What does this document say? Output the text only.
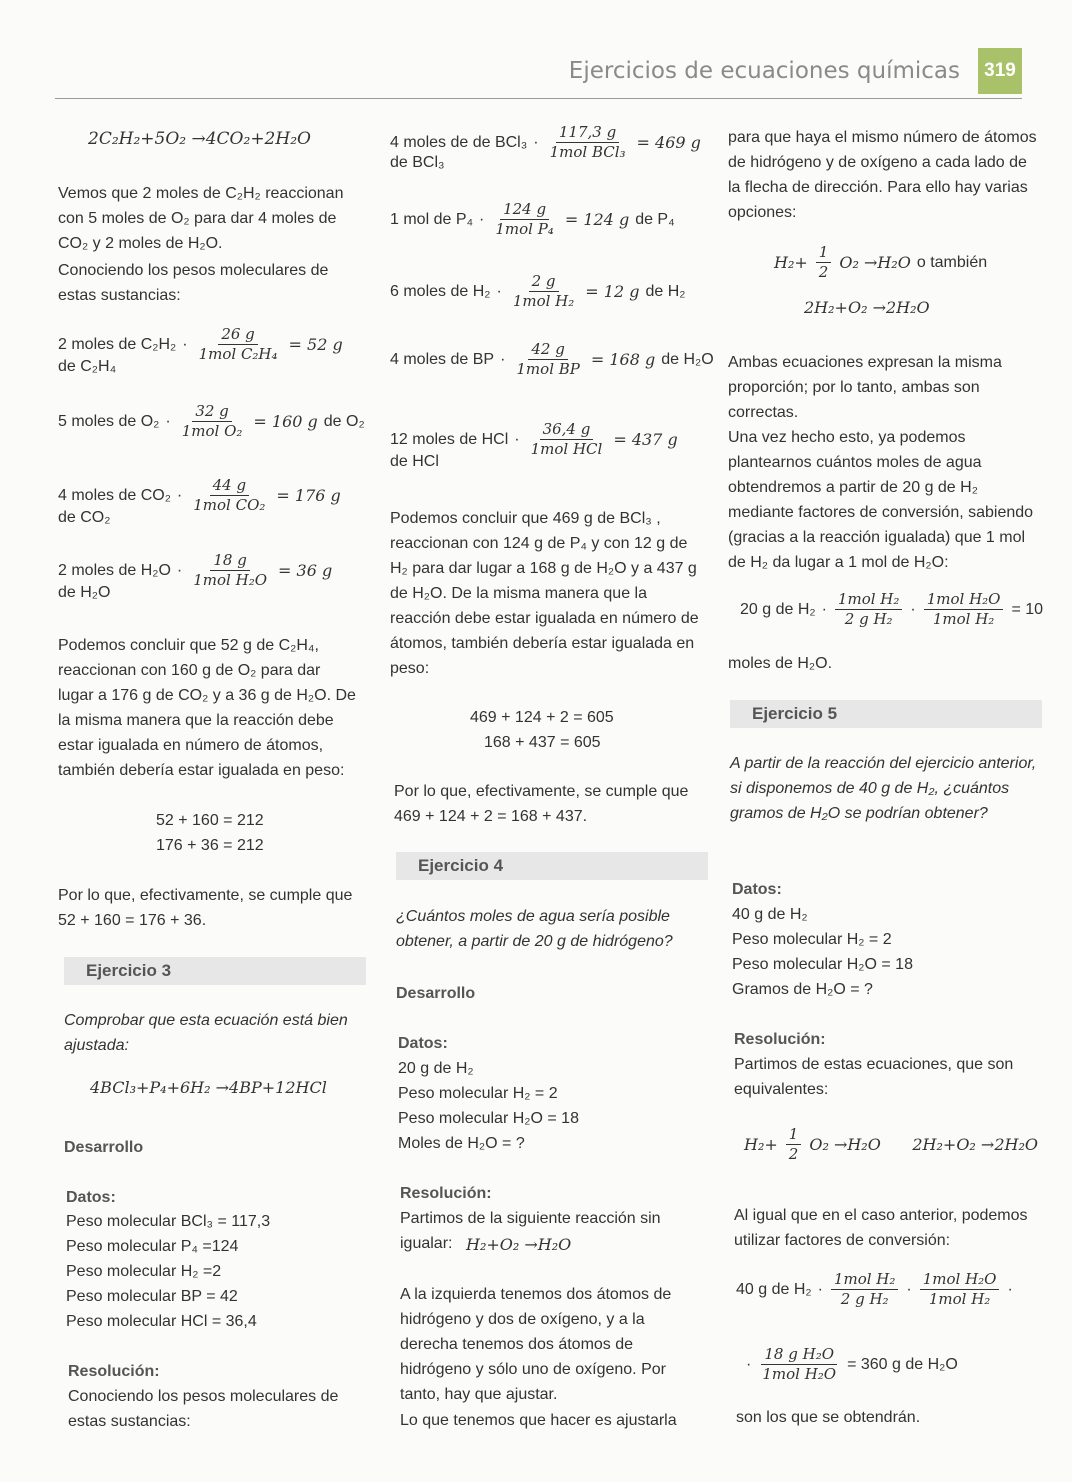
Ejercicios de ecuaciones químicas	319
2C₂H₂+5O₂ →4CO₂+2H₂O

Vemos que 2 moles de C₂H₂ reaccionan con 5 moles de O₂ para dar 4 moles de CO₂ y 2 moles de H₂O.

Conociendo los pesos moleculares de estas sustancias:

2 moles de $C_2H_2 \cdot \frac{26 g}{\text{1mol C₂H₄}} = 52$ g
de C₂H₄
5 moles de $O_2 \cdot \frac{32 g}{\text{1mol O₂}} = 160$ g de O₂
4 moles de $CO_2 \cdot \frac{44 g}{\text{1mol CO₂}} = 176$ g
de CO₂
2 moles de $H_2O \cdot \frac{18 g}{\text{1mol H₂O}} = 36$ g
de H₂O

Podemos concluir que 52 g de C₂H₄, reaccionan con 160 g de O₂ para dar lugar a 176 g de CO₂ y a 36 g de H₂O. De la misma manera que la reacción debe estar igualada en número de átomos, también debería estar igualada en peso:

52 + 160 = 212
176 + 36 = 212

Por lo que, efectivamente, se cumple que 52 + 160 = 176 + 36.

Ejercicio 3

Comprobar que esta ecuación está bien ajustada:

4BCl₃+P₄+6H₂ →4BP+12HCl
Desarrollo
Datos:
Peso molecular BCl₃ = 117,3
Peso molecular P₄ =124
Peso molecular H₂ =2
Peso molecular BP = 42
Peso molecular HCl = 36,4
Resolución:

Conociendo los pesos moleculares de estas sustancias:

4 moles de de $BCl_3 \cdot \frac{117,3 g}{\text{1mol BCl₃}} = 469$ g
de BCl₃
1 mol de $P_4 \cdot \frac{124 g}{\text{1mol P₄}} = 124$ g de P₄
6 moles de $H_2 \cdot \frac{2 g}{\text{1mol H₂}} = 12$ g de H₂
4 moles de BP · $\frac{42 g}{\text{1mol BP}} = 168$ g de H₂O
12 moles de HCl · $\frac{36,4 g}{\text{1mol HCl}} = 437$ g
de HCl

Podemos concluir que 469 g de BCl₃ , reaccionan con 124 g de P₄ y con 12 g de H₂ para dar lugar a 168 g de H₂O y a 437 g de H₂O. De la misma manera que la reacción debe estar igualada en número de átomos, también debería estar igualada en peso:

469 + 124 + 2 = 605
168 + 437 = 605

Por lo que, efectivamente, se cumple que 469 + 124 + 2 = 168 + 437.

Ejercicio 4

¿Cuántos moles de agua sería posible obtener, a partir de 20 g de hidrógeno?

Desarrollo
Datos:
20 g de H₂
Peso molecular H₂ = 2
Peso molecular H₂O = 18
Moles de H₂O = ?
Resolución:

Partimos de la siguiente reacción sin igualar: H₂+O₂ →H₂O

A la izquierda tenemos dos átomos de hidrógeno y dos de oxígeno, y a la derecha tenemos dos átomos de hidrógeno y sólo uno de oxígeno. Por tanto, hay que ajustar.

Lo que tenemos que hacer es ajustarla

para que haya el mismo número de átomos de hidrógeno y de oxígeno a cada lado de la flecha de dirección. Para ello hay varias opciones:

$H_2+ \frac{1}{2} O_2 \to H_2O$ o también
2H₂+O₂ →2H₂O

Ambas ecuaciones expresan la misma proporción; por lo tanto, ambas son correctas.

Una vez hecho esto, ya podemos plantearnos cuántos moles de agua obtendremos a partir de 20 g de H₂ mediante factores de conversión, sabiendo (gracias a la reacción igualada) que 1 mol de H₂ da lugar a 1 mol de H₂O:

20 g de $H_2 \cdot \frac{\text{1mol H₂}}{\text{2 g H₂}} \cdot \frac{\text{1mol H₂O}}{\text{1mol H₂}} = 10$
moles de H₂O.
Ejercicio 5

A partir de la reacción del ejercicio anterior, si disponemos de 40 g de H₂, ¿cuántos gramos de H₂O se podrían obtener?

Datos:
40 g de H₂
Peso molecular H₂ = 2
Peso molecular H₂O = 18
Gramos de H₂O = ?
Resolución:

Partimos de estas ecuaciones, que son equivalentes:

$H_2+ \frac{1}{2} O_2 \to H_2O$ 2H₂+O₂ →2H₂O

Al igual que en el caso anterior, podemos utilizar factores de conversión:

40 g de $H_2 \cdot \frac{\text{1mol H₂}}{\text{2 g H₂}} \cdot \frac{\text{1mol H₂O}}{\text{1mol H₂}}$ ·
· $\frac{\text{18 g H₂O}}{\text{1mol H₂O}} = 360$ g de H₂O
son los que se obtendrán.
